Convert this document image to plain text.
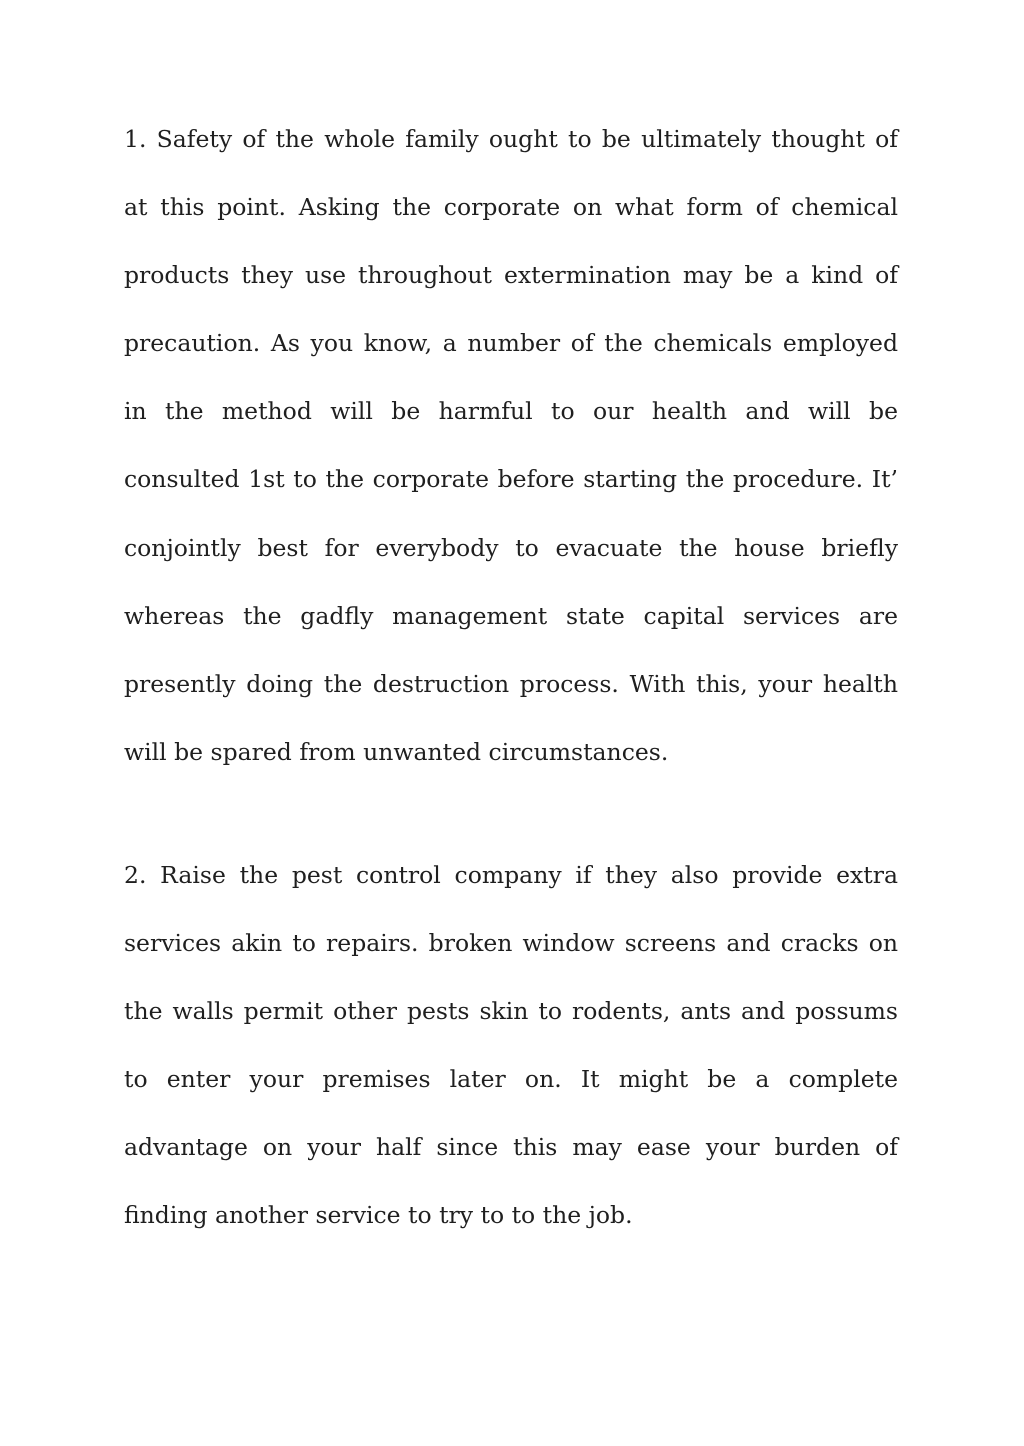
1. Safety of the whole family ought to be ultimately thought of at this point. Asking the corporate on what form of chemical products they use throughout extermination may be a kind of precaution. As you know, a number of the chemicals employed in the method will be harmful to our health and will be consulted 1st to the corporate before starting the procedure. It’ conjointly best for everybody to evacuate the house briefly whereas the gadfly management state capital services are presently doing the destruction process. With this, your health will be spared from unwanted circumstances.

2. Raise the pest control company if they also provide extra services akin to repairs. broken window screens and cracks on the walls permit other pests skin to rodents, ants and possums to enter your premises later on. It might be a complete advantage on your half since this may ease your burden of finding another service to try to to the job.
